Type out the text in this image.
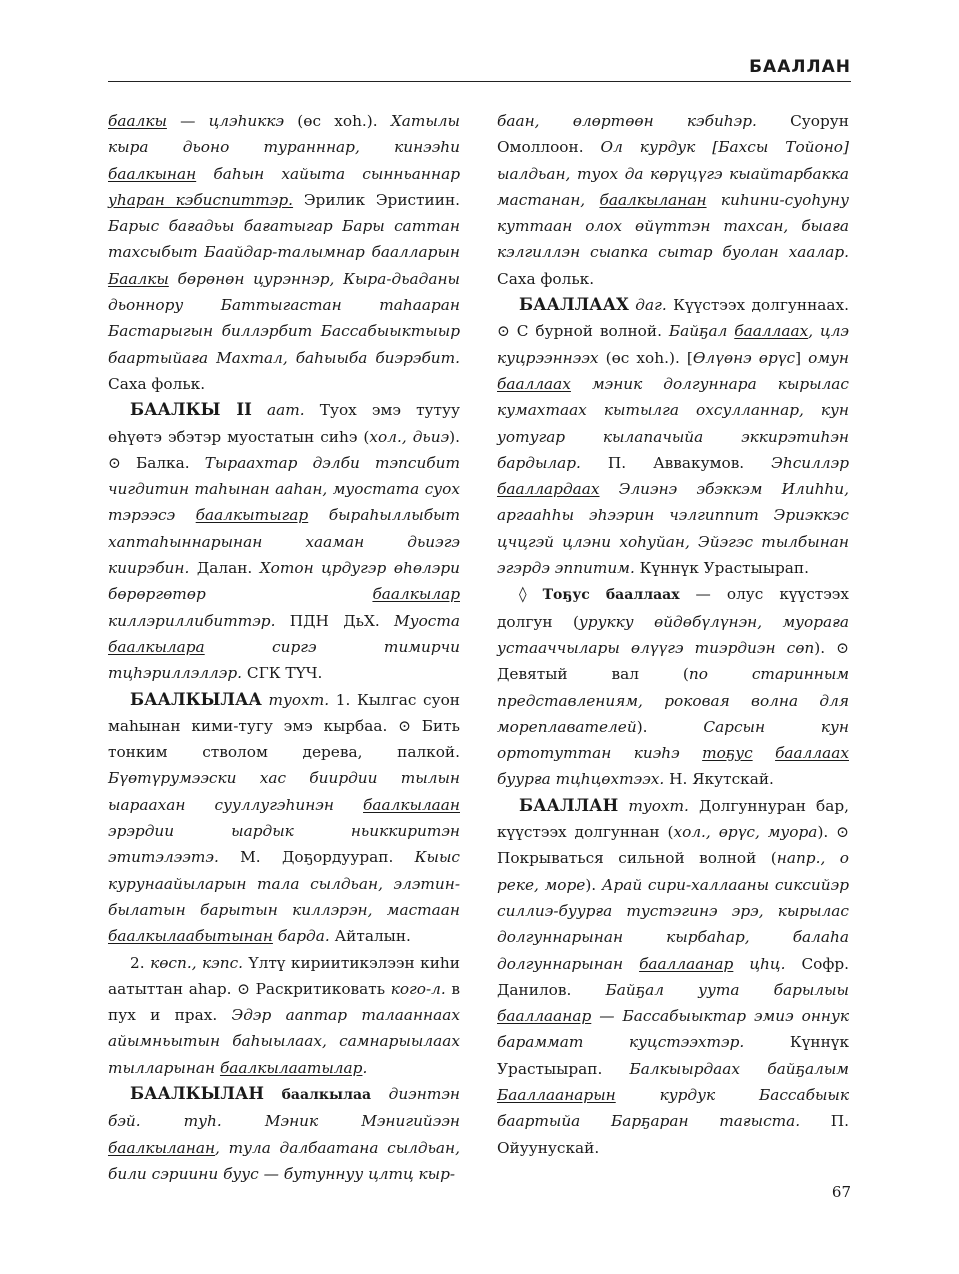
БААЛЛАН

баалкы — цлэhиккэ (өс хоh.). Хатылы кыра дьоно туранннар, кинээhи баалкынан баhын хайыта сынньаннар уhаран кэбиспиттэр. Эрилик Эристиин. Барыс бағадьы бағатыгар Бары саттан тахсыбыт Баайдар-талымнар бааллaрын Баалкы бөрөнөн цурэннэр, Кыра-дьаданы дьоннору Баттыгастан таhааран Бастарыгын биллэрбит Бассабыыктыыр баартыйаға Махтал, баhыыба биэрэбит. Саха фольк.

БААЛКЫ II аат. Туох эмэ тутуу өhүөтэ эбэтэр муостатын сиhэ (хол., дьиэ). ⊙ Балка. Тыраахтар дэлби тэпсибит чигдитин таhынан ааhан, муостата суох тэрээсэ баалкытыгар быраhыллыбыт хаптаhыннарынан хааман дьиэгэ киирэбин. Далан. Хотон црдугэр өhөлэри бөрөргөтөр баалкылар киллэриллибиттэр. ПДН ДьХ. Муоста баалкылара сиргэ тимирчи тцhэриллэллэр. СГК ТҮЧ.

БААЛКЫЛАА туохт. 1. Кылгас суон маhынан кими-тугу эмэ кырбаа. ⊙ Бить тонким стволом дерева, палкой. Бүөтүрумээски хас биирдии тылын ыараахан сууллугэhинэн баалкылаан эрэрдии ыардык ньиккиритэн этитэлээтэ. М. Доҕордуурап. Кыыс курунаайыларын тала сылдьан, элэтин-былатын барытын киллэрэн, мастаан баалкылаабытынан барда. Айталын.

2. көсп., кэпс. Үлтү кириитикэлээн киhи аатыттан аhар. ⊙ Раскритиковать кого-л. в пух и прах. Эдэр аaптар талааннаах айымньытын баhыылаах, самнарыылаах тылларынан баалкылаатылар.

БААЛКЫЛАН баалкылаа диэнтэн бэй. туh.	Мэник Мэнигийээн баалкыланан, тула далбаатана сылдьан, били сэриини буус — бутуннуу цлтц кыр-

баан, өлөртөөн кэбиhэр. Суорун Омоллоон. Ол курдук [Бахсы Тойоно] ыалдьан, туох да көрүцүгэ кыайтарбакка мастанан, баалкыланан киhини-суоhуну куттаан олох өйүттэн тахсан, быаға кэлгиллэн сыапка сытар буолан хаалар. Саха фольк.

БААЛЛААХ даг. Күүстээх долгуннаах. ⊙ С бурной волной. Байҕал бааллаах, цлэ куцрээннээх (өс хоh.). [Өлүөнэ өрүс] омун бааллаах мэник долгуннара кырылас кумахтаах кытылга охсулланнар, кун уотугар кылапачыйа эккирэтиhэн бардылар. П. Аввакумов. Эhсиллэр бааллардаах Элиэнэ эбэккэм Илиhhи, аргааhhы эhээрин чэлгиппит Эриэккэс цчцгэй цлэни хоhуйан, Эйэгэс тылбынан эгэрдэ эппитим. Күннүк Урастыырап.

◊ Тоҕус бааллаах — олус күүстээх долгун (урукку өйдөбүлүнэн, муораға устааччылары өлүүгэ тиэрдиэн сөп). ⊙ Девятый вал (по старинным представлениям, роковая волна для мореплавателей). Сарсын кун ортотуттан киэhэ тоҕус бааллаах буурға тцhцөхтээх. Н. Якутскай.

БААЛЛАН туохт. Долгуннуран бар, күүстээх долгуннан (хол., өрүс, муора). ⊙ Покрываться сильной волной (напр., о реке, море). Арай сири-халлааны сиксийэр силлиэ-буурға тустэгинэ эрэ, кырылас долгуннарынан кырбаhар, балаhа долгуннарынан бааллаaнар цhц. Софр. Данилов. Байҕал уута барылыы бааллаaнар — Бассабыыктар эмиэ оннук бараммат куцстээхтэр. Күннүк Урастыырап. Балкыырдаах байҕалым Бааллаaнарын курдук Бассабыык баартыйа Барҕаран тағыста. П. Ойуунускай.

67
